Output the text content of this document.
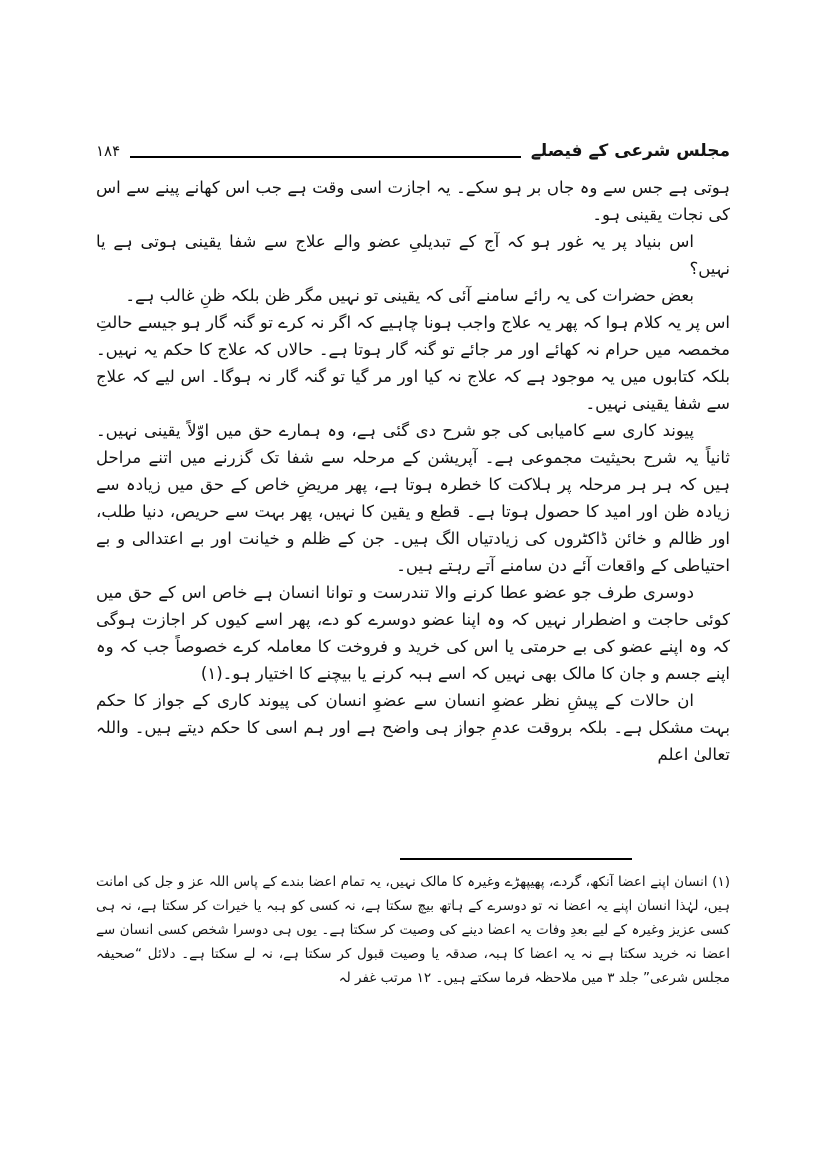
مجلس شرعی کے فیصلے
۱۸۴

ہوتی ہے جس سے وہ جاں بر ہو سکے۔ یہ اجازت اسی وقت ہے جب اس کھانے پینے سے اس کی نجات یقینی ہو۔

اس بنیاد پر یہ غور ہو کہ آج کے تبدیلیِ عضو والے علاج سے شفا یقینی ہوتی ہے یا نہیں؟

بعض حضرات کی یہ رائے سامنے آئی کہ یقینی تو نہیں مگر ظن بلکہ ظنِ غالب ہے۔

اس پر یہ کلام ہوا کہ پھر یہ علاج واجب ہونا چاہیے کہ اگر نہ کرے تو گنہ گار ہو جیسے حالتِ مخمصہ میں حرام نہ کھائے اور مر جائے تو گنہ گار ہوتا ہے۔ حالاں کہ علاج کا حکم یہ نہیں۔ بلکہ کتابوں میں یہ موجود ہے کہ علاج نہ کیا اور مر گیا تو گنہ گار نہ ہوگا۔ اس لیے کہ علاج سے شفا یقینی نہیں۔

پیوند کاری سے کامیابی کی جو شرح دی گئی ہے، وہ ہمارے حق میں اوّلاً یقینی نہیں۔ ثانیاً یہ شرح بحیثیت مجموعی ہے۔ آپریشن کے مرحلہ سے شفا تک گزرنے میں اتنے مراحل ہیں کہ ہر ہر مرحلہ پر ہلاکت کا خطرہ ہوتا ہے، پھر مریضِ خاص کے حق میں زیادہ سے زیادہ ظن اور امید کا حصول ہوتا ہے۔ قطع و یقین کا نہیں، پھر بہت سے حریص، دنیا طلب، اور ظالم و خائن ڈاکٹروں کی زیادتیاں الگ ہیں۔ جن کے ظلم و خیانت اور بے اعتدالی و بے احتیاطی کے واقعات آئے دن سامنے آتے رہتے ہیں۔

دوسری طرف جو عضو عطا کرنے والا تندرست و توانا انسان ہے خاص اس کے حق میں کوئی حاجت و اضطرار نہیں کہ وہ اپنا عضو دوسرے کو دے، پھر اسے کیوں کر اجازت ہوگی کہ وہ اپنے عضو کی بے حرمتی یا اس کی خرید و فروخت کا معاملہ کرے خصوصاً جب کہ وہ اپنے جسم و جان کا مالک بھی نہیں کہ اسے ہبہ کرنے یا بیچنے کا اختیار ہو۔(۱)

ان حالات کے پیشِ نظر عضوِ انسان سے عضوِ انسان کی پیوند کاری کے جواز کا حکم بہت مشکل ہے۔ بلکہ بروقت عدمِ جواز ہی واضح ہے اور ہم اسی کا حکم دیتے ہیں۔ واللہ تعالیٰ اعلم

(۱) انسان اپنے اعضا آنکھ، گردے، پھیپھڑے وغیرہ کا مالک نہیں، یہ تمام اعضا بندے کے پاس اللہ عز و جل کی امانت ہیں، لہٰذا انسان اپنے یہ اعضا نہ تو دوسرے کے ہاتھ بیچ سکتا ہے، نہ کسی کو ہبہ یا خیرات کر سکتا ہے، نہ ہی کسی عزیز وغیرہ کے لیے بعدِ وفات یہ اعضا دینے کی وصیت کر سکتا ہے۔ یوں ہی دوسرا شخص کسی انسان سے اعضا نہ خرید سکتا ہے نہ یہ اعضا کا ہبہ، صدقہ یا وصیت قبول کر سکتا ہے، نہ لے سکتا ہے۔ دلائل “صحیفہ مجلس شرعی” جلد ۳ میں ملاحظہ فرما سکتے ہیں۔ ۱۲ مرتب غفر لہ
